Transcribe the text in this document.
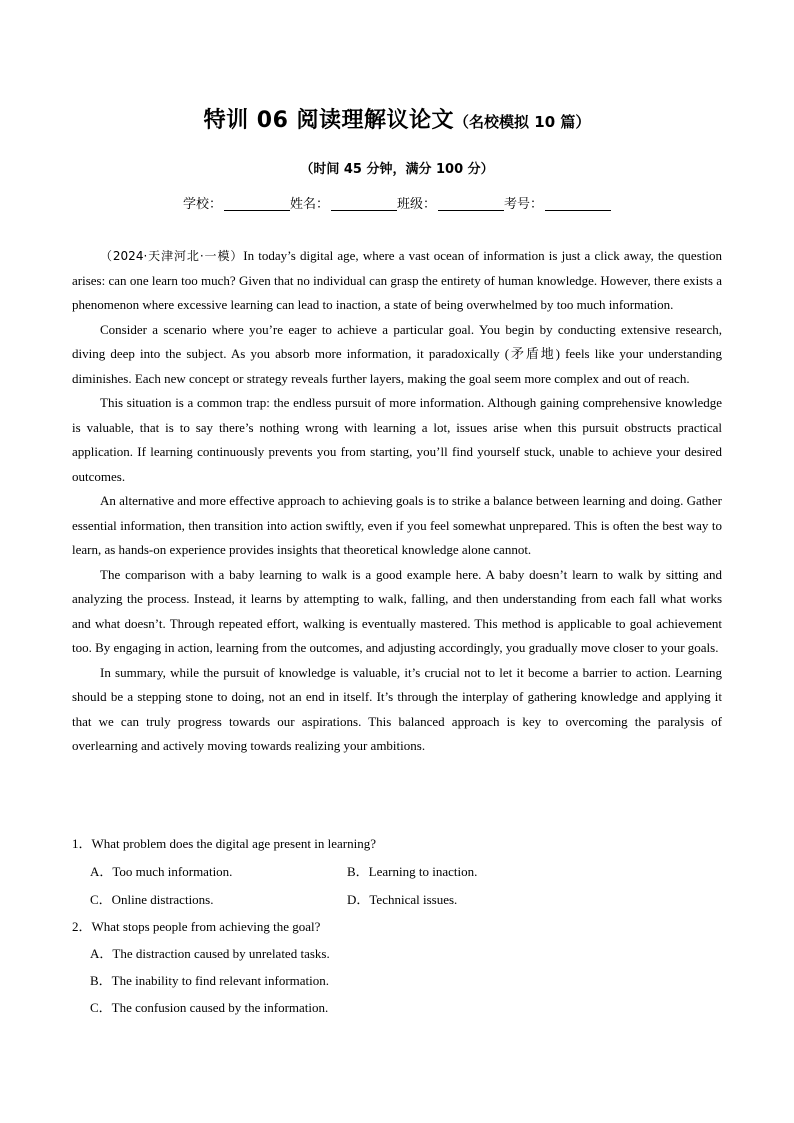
特训 06 阅读理解议论文（名校模拟 10 篇）
（时间 45 分钟，满分 100 分）
学校：	姓名：	班级：	考号：

（2024·天津河北·一模）In today’s digital age, where a vast ocean of information is just a click away, the question arises: can one learn too much? Given that no individual can grasp the entirety of human knowledge. However, there exists a phenomenon where excessive learning can lead to inaction, a state of being overwhelmed by too much information.

Consider a scenario where you’re eager to achieve a particular goal. You begin by conducting extensive research, diving deep into the subject. As you absorb more information, it paradoxically (矛盾地) feels like your understanding diminishes. Each new concept or strategy reveals further layers, making the goal seem more complex and out of reach.

This situation is a common trap: the endless pursuit of more information. Although gaining comprehensive knowledge is valuable, that is to say there’s nothing wrong with learning a lot, issues arise when this pursuit obstructs practical application. If learning continuously prevents you from starting, you’ll find yourself stuck, unable to achieve your desired outcomes.

An alternative and more effective approach to achieving goals is to strike a balance between learning and doing. Gather essential information, then transition into action swiftly, even if you feel somewhat unprepared. This is often the best way to learn, as hands-on experience provides insights that theoretical knowledge alone cannot.

The comparison with a baby learning to walk is a good example here. A baby doesn’t learn to walk by sitting and analyzing the process. Instead, it learns by attempting to walk, falling, and then understanding from each fall what works and what doesn’t. Through repeated effort, walking is eventually mastered. This method is applicable to goal achievement too. By engaging in action, learning from the outcomes, and adjusting accordingly, you gradually move closer to your goals.

In summary, while the pursuit of knowledge is valuable, it’s crucial not to let it become a barrier to action. Learning should be a stepping stone to doing, not an end in itself. It’s through the interplay of gathering knowledge and applying it that we can truly progress towards our aspirations. This balanced approach is key to overcoming the paralysis of overlearning and actively moving towards realizing your ambitions.

1．What problem does the digital age present in learning?
A．Too much information.	B．Learning to inaction.
C．Online distractions.	D．Technical issues.
2．What stops people from achieving the goal?
A．The distraction caused by unrelated tasks.
B．The inability to find relevant information.
C．The confusion caused by the information.
